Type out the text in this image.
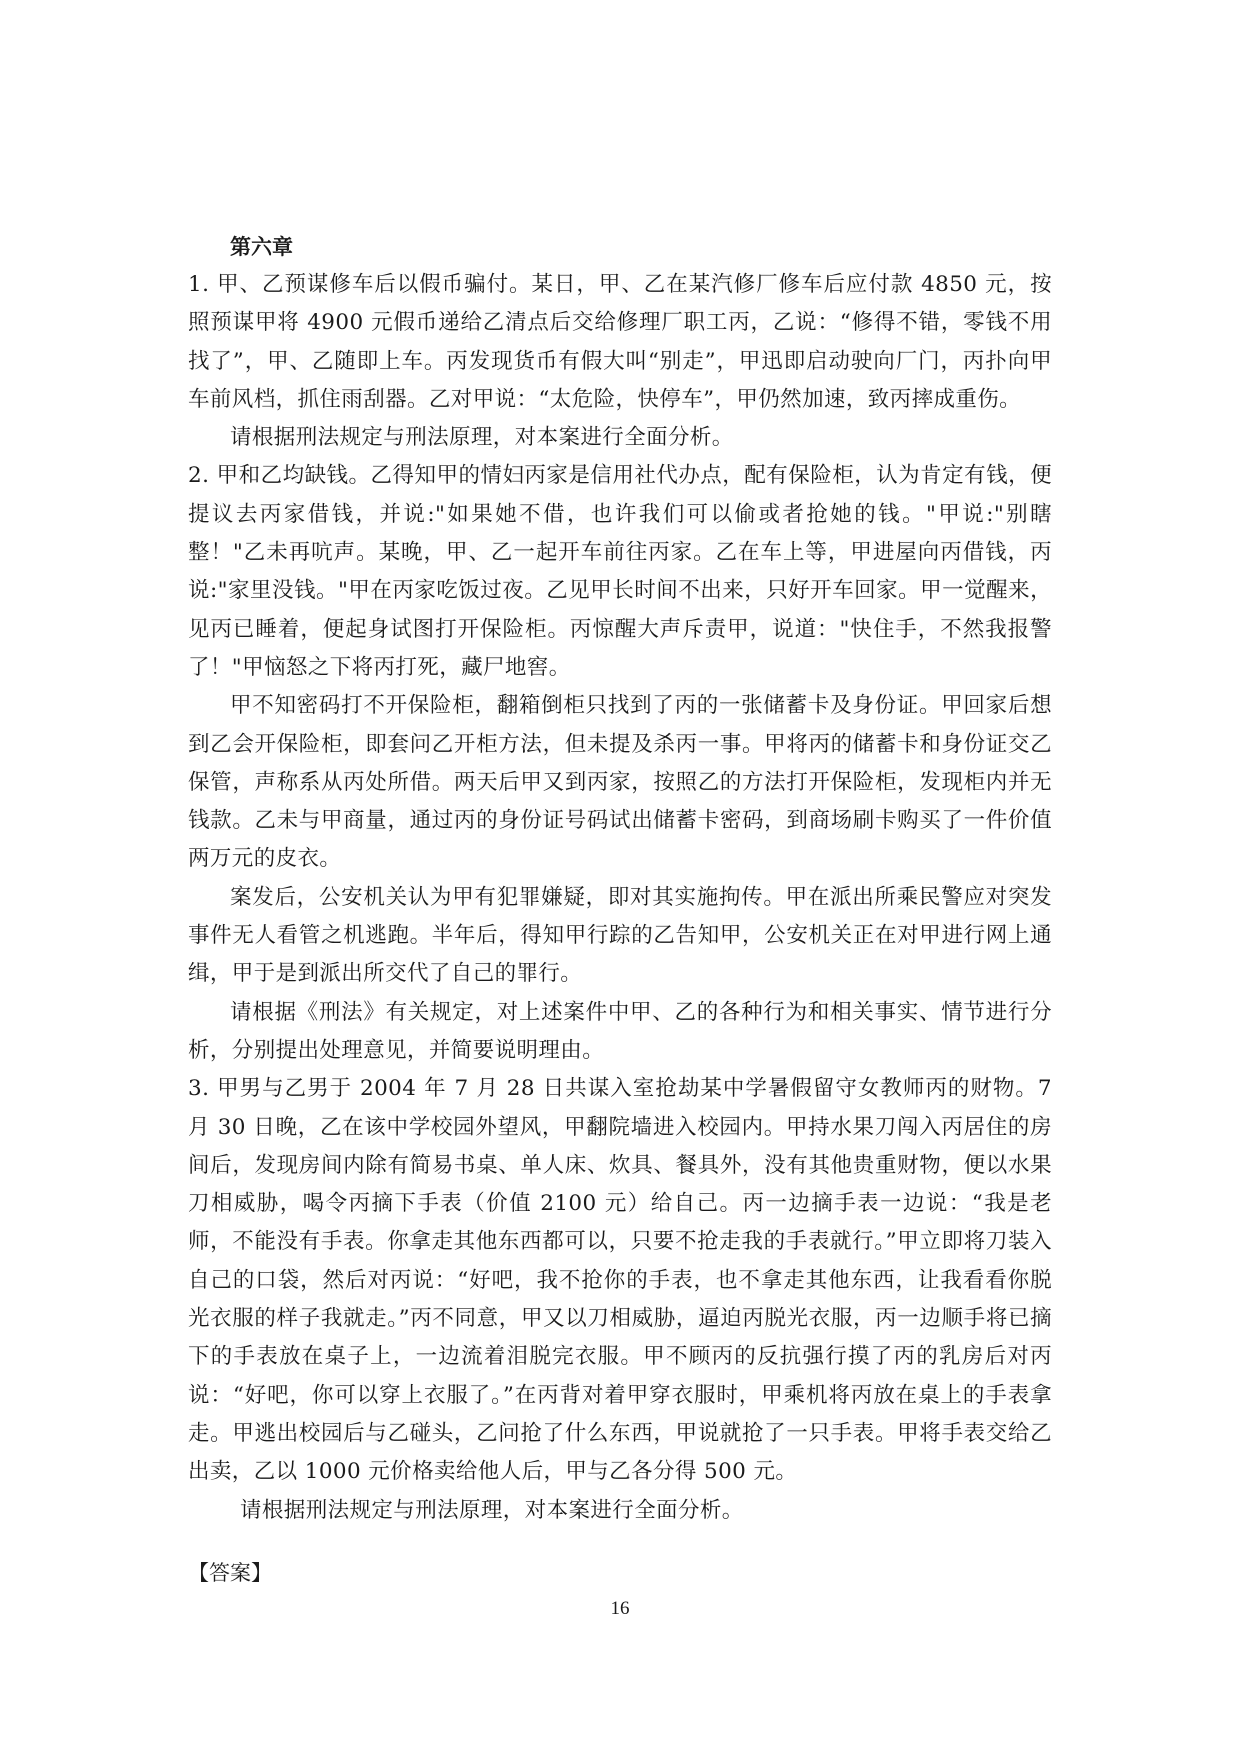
第六章

1. 甲、乙预谋修车后以假币骗付。某日，甲、乙在某汽修厂修车后应付款 4850 元，按照预谋甲将 4900 元假币递给乙清点后交给修理厂职工丙，乙说：“修得不错，零钱不用找了”，甲、乙随即上车。丙发现货币有假大叫“别走”，甲迅即启动驶向厂门，丙扑向甲车前风档，抓住雨刮器。乙对甲说：“太危险，快停车”，甲仍然加速，致丙摔成重伤。

请根据刑法规定与刑法原理，对本案进行全面分析。

2. 甲和乙均缺钱。乙得知甲的情妇丙家是信用社代办点，配有保险柜，认为肯定有钱，便提议去丙家借钱，并说:"如果她不借，也许我们可以偷或者抢她的钱。"甲说:"别瞎整！"乙未再吭声。某晚，甲、乙一起开车前往丙家。乙在车上等，甲进屋向丙借钱，丙说:"家里没钱。"甲在丙家吃饭过夜。乙见甲长时间不出来，只好开车回家。甲一觉醒来，见丙已睡着，便起身试图打开保险柜。丙惊醒大声斥责甲，说道："快住手，不然我报警了！"甲恼怒之下将丙打死，藏尸地窖。

甲不知密码打不开保险柜，翻箱倒柜只找到了丙的一张储蓄卡及身份证。甲回家后想到乙会开保险柜，即套问乙开柜方法，但未提及杀丙一事。甲将丙的储蓄卡和身份证交乙保管，声称系从丙处所借。两天后甲又到丙家，按照乙的方法打开保险柜，发现柜内并无钱款。乙未与甲商量，通过丙的身份证号码试出储蓄卡密码，到商场刷卡购买了一件价值两万元的皮衣。

案发后，公安机关认为甲有犯罪嫌疑，即对其实施拘传。甲在派出所乘民警应对突发事件无人看管之机逃跑。半年后，得知甲行踪的乙告知甲，公安机关正在对甲进行网上通缉，甲于是到派出所交代了自己的罪行。

请根据《刑法》有关规定，对上述案件中甲、乙的各种行为和相关事实、情节进行分析，分别提出处理意见，并简要说明理由。

3. 甲男与乙男于 2004 年 7 月 28 日共谋入室抢劫某中学暑假留守女教师丙的财物。7 月 30 日晚，乙在该中学校园外望风，甲翻院墙进入校园内。甲持水果刀闯入丙居住的房间后，发现房间内除有简易书桌、单人床、炊具、餐具外，没有其他贵重财物，便以水果刀相威胁，喝令丙摘下手表（价值 2100 元）给自己。丙一边摘手表一边说：“我是老师，不能没有手表。你拿走其他东西都可以，只要不抢走我的手表就行。”甲立即将刀装入自己的口袋，然后对丙说：“好吧，我不抢你的手表，也不拿走其他东西，让我看看你脱光衣服的样子我就走。”丙不同意，甲又以刀相威胁，逼迫丙脱光衣服，丙一边顺手将已摘下的手表放在桌子上，一边流着泪脱完衣服。甲不顾丙的反抗强行摸了丙的乳房后对丙说：“好吧，你可以穿上衣服了。”在丙背对着甲穿衣服时，甲乘机将丙放在桌上的手表拿走。甲逃出校园后与乙碰头，乙问抢了什么东西，甲说就抢了一只手表。甲将手表交给乙出卖，乙以 1000 元价格卖给他人后，甲与乙各分得 500 元。

请根据刑法规定与刑法原理，对本案进行全面分析。

【答案】
16
